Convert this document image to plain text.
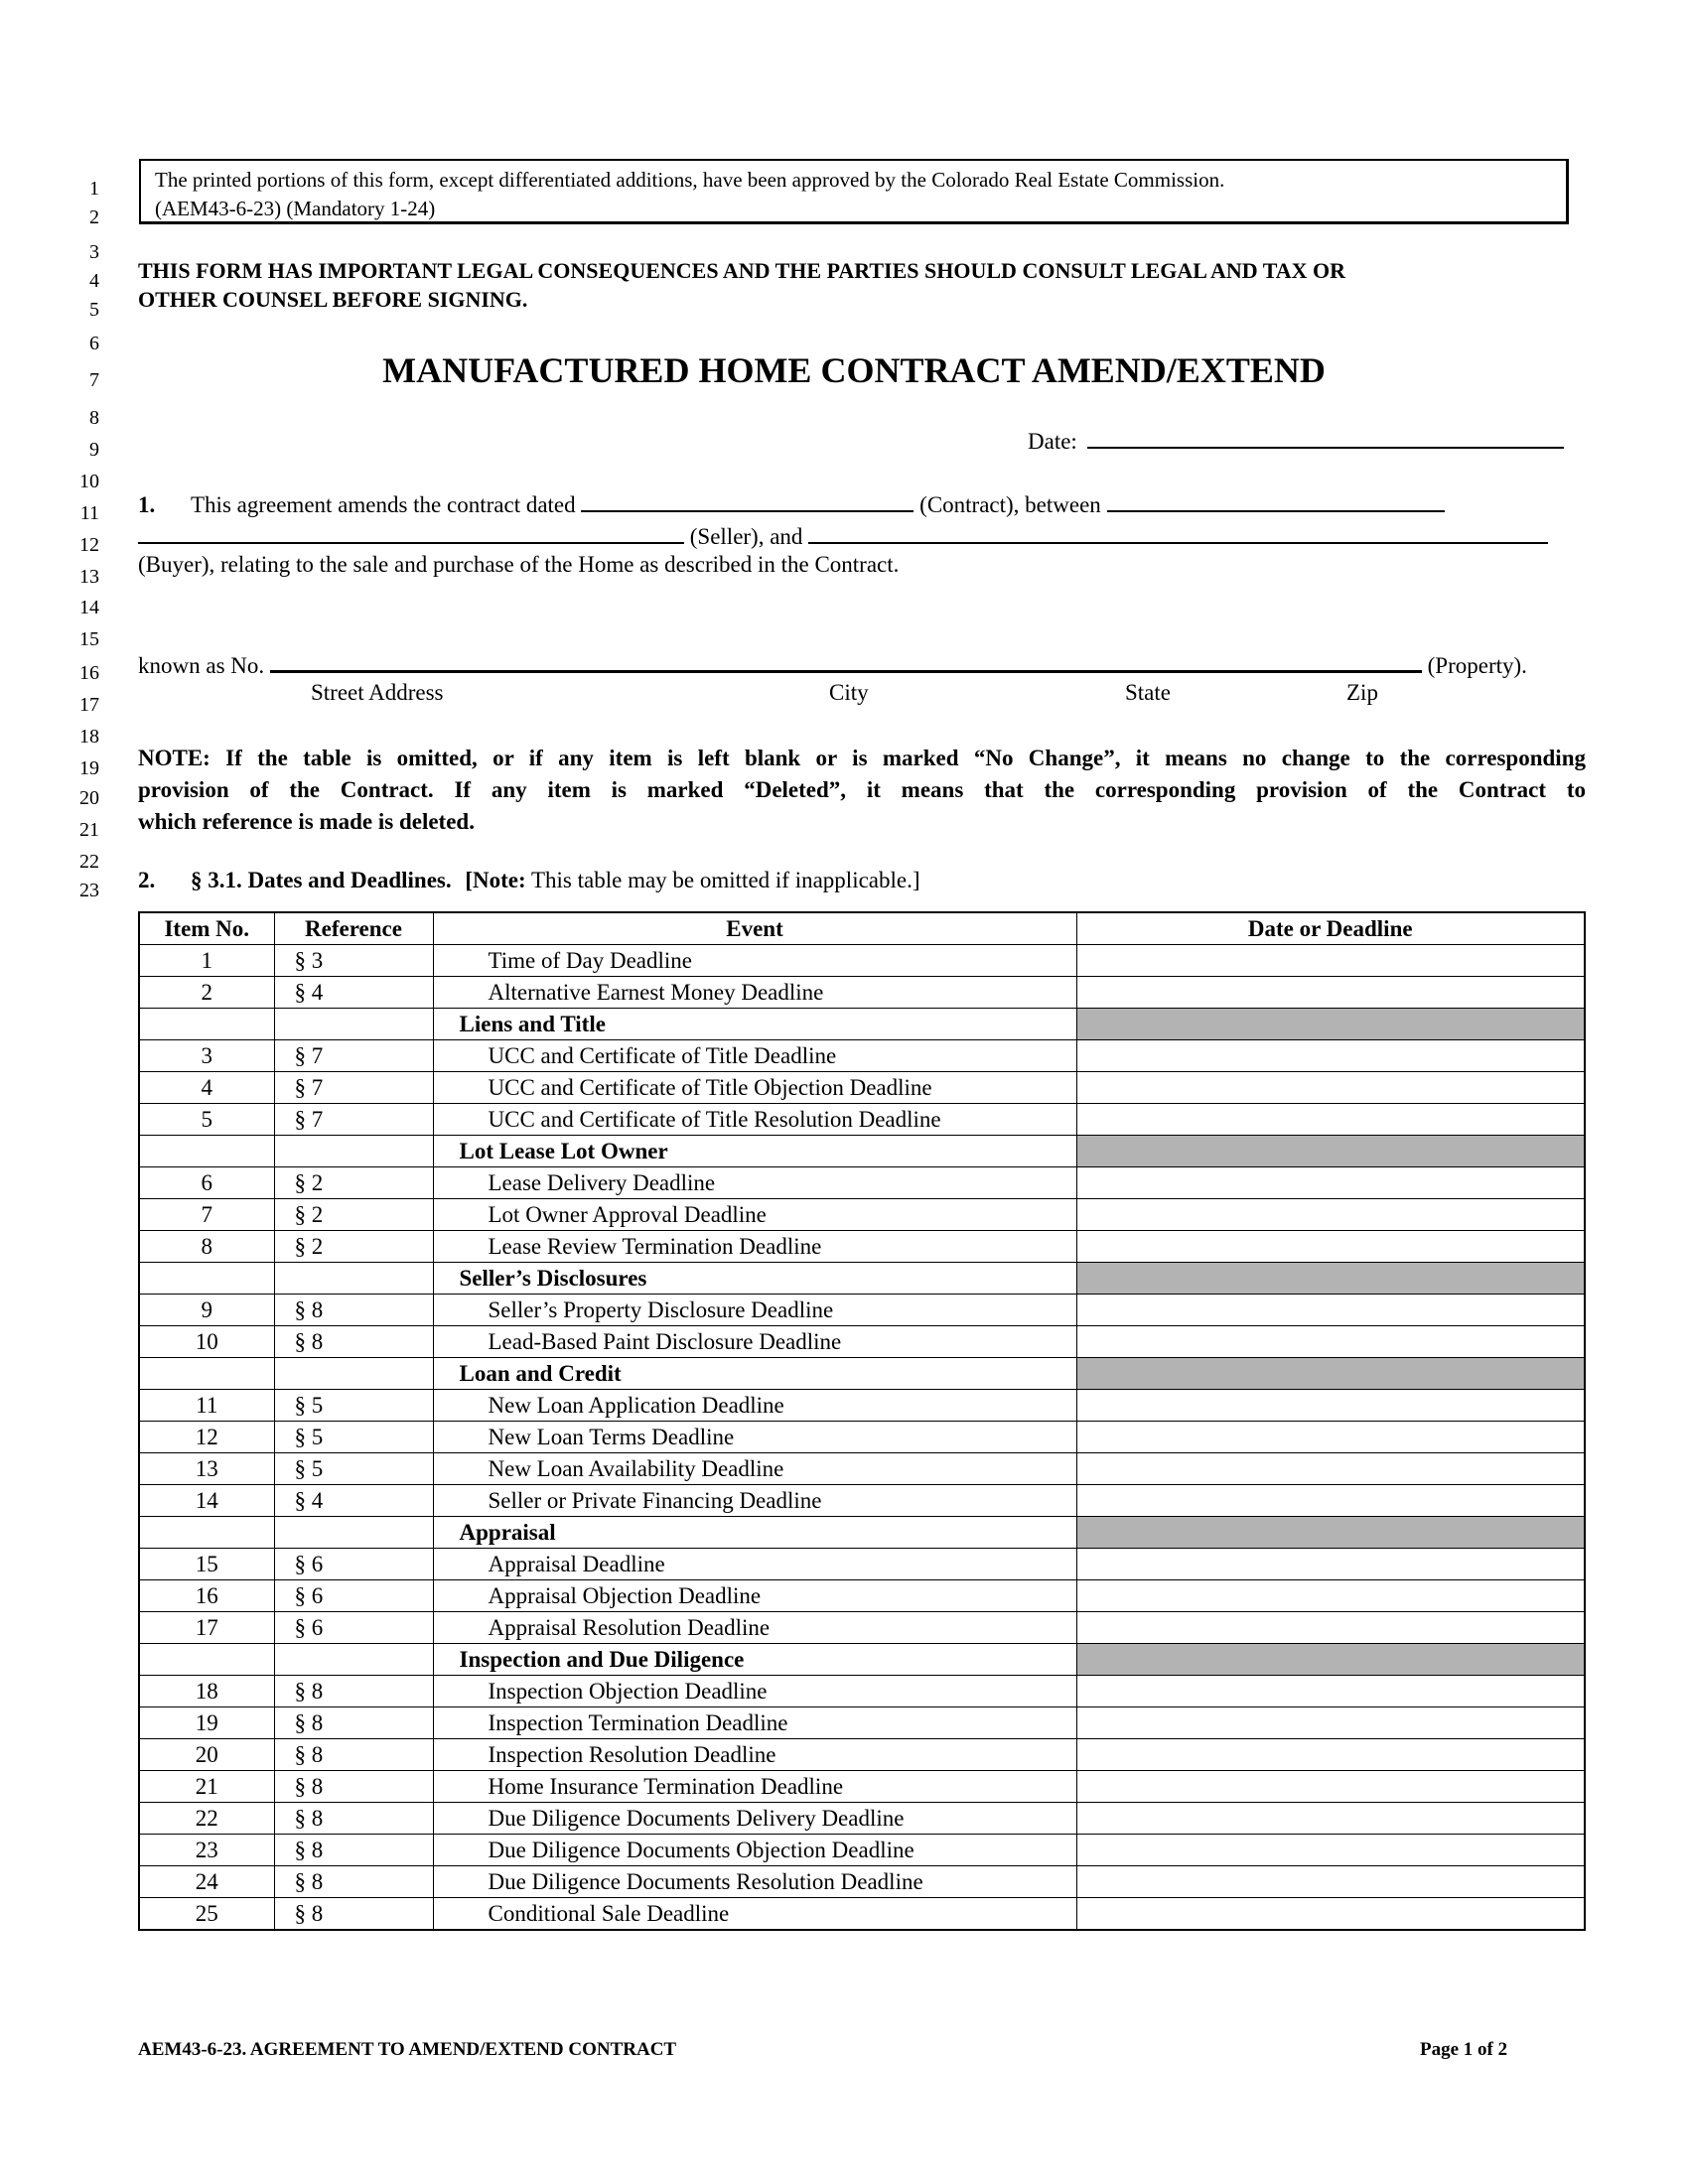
1
2
3
4
5
6
7
8
9
10
11
12
13
14
15
16
17
18
19
20
21
22
23
The printed portions of this form, except differentiated additions, have been approved by the Colorado Real Estate Commission.
(AEM43-6-23) (Mandatory 1-24)
THIS FORM HAS IMPORTANT LEGAL CONSEQUENCES AND THE PARTIES SHOULD CONSULT LEGAL AND TAX OR
OTHER COUNSEL BEFORE SIGNING.
MANUFACTURED HOME CONTRACT AMEND/EXTEND
Date:
1. This agreement amends the contract dated	(Contract), between
(Seller), and
(Buyer), relating to the sale and purchase of the Home as described in the Contract.
known as No.	(Property).
Street Address	City	State	Zip
NOTE: If the table is omitted, or if any item is left blank or is marked “No Change”, it means no change to the corresponding
provision of the Contract. If any item is marked “Deleted”, it means that the corresponding provision of the Contract to
which reference is made is deleted.
2. § 3.1. Dates and Deadlines. [Note: This table may be omitted if inapplicable.]
Item No.	Reference	Event	Date or Deadline
1	§ 3	Time of Day Deadline	
2	§ 4	Alternative Earnest Money Deadline	
		Liens and Title	
3	§ 7	UCC and Certificate of Title Deadline	
4	§ 7	UCC and Certificate of Title Objection Deadline	
5	§ 7	UCC and Certificate of Title Resolution Deadline	
		Lot Lease Lot Owner	
6	§ 2	Lease Delivery Deadline	
7	§ 2	Lot Owner Approval Deadline	
8	§ 2	Lease Review Termination Deadline	
		Seller’s Disclosures	
9	§ 8	Seller’s Property Disclosure Deadline	
10	§ 8	Lead-Based Paint Disclosure Deadline	
		Loan and Credit	
11	§ 5	New Loan Application Deadline	
12	§ 5	New Loan Terms Deadline	
13	§ 5	New Loan Availability Deadline	
14	§ 4	Seller or Private Financing Deadline	
		Appraisal	
15	§ 6	Appraisal Deadline	
16	§ 6	Appraisal Objection Deadline	
17	§ 6	Appraisal Resolution Deadline	
		Inspection and Due Diligence	
18	§ 8	Inspection Objection Deadline	
19	§ 8	Inspection Termination Deadline	
20	§ 8	Inspection Resolution Deadline	
21	§ 8	Home Insurance Termination Deadline	
22	§ 8	Due Diligence Documents Delivery Deadline	
23	§ 8	Due Diligence Documents Objection Deadline	
24	§ 8	Due Diligence Documents Resolution Deadline	
25	§ 8	Conditional Sale Deadline	
AEM43-6-23. AGREEMENT TO AMEND/EXTEND CONTRACT	Page 1 of 2
